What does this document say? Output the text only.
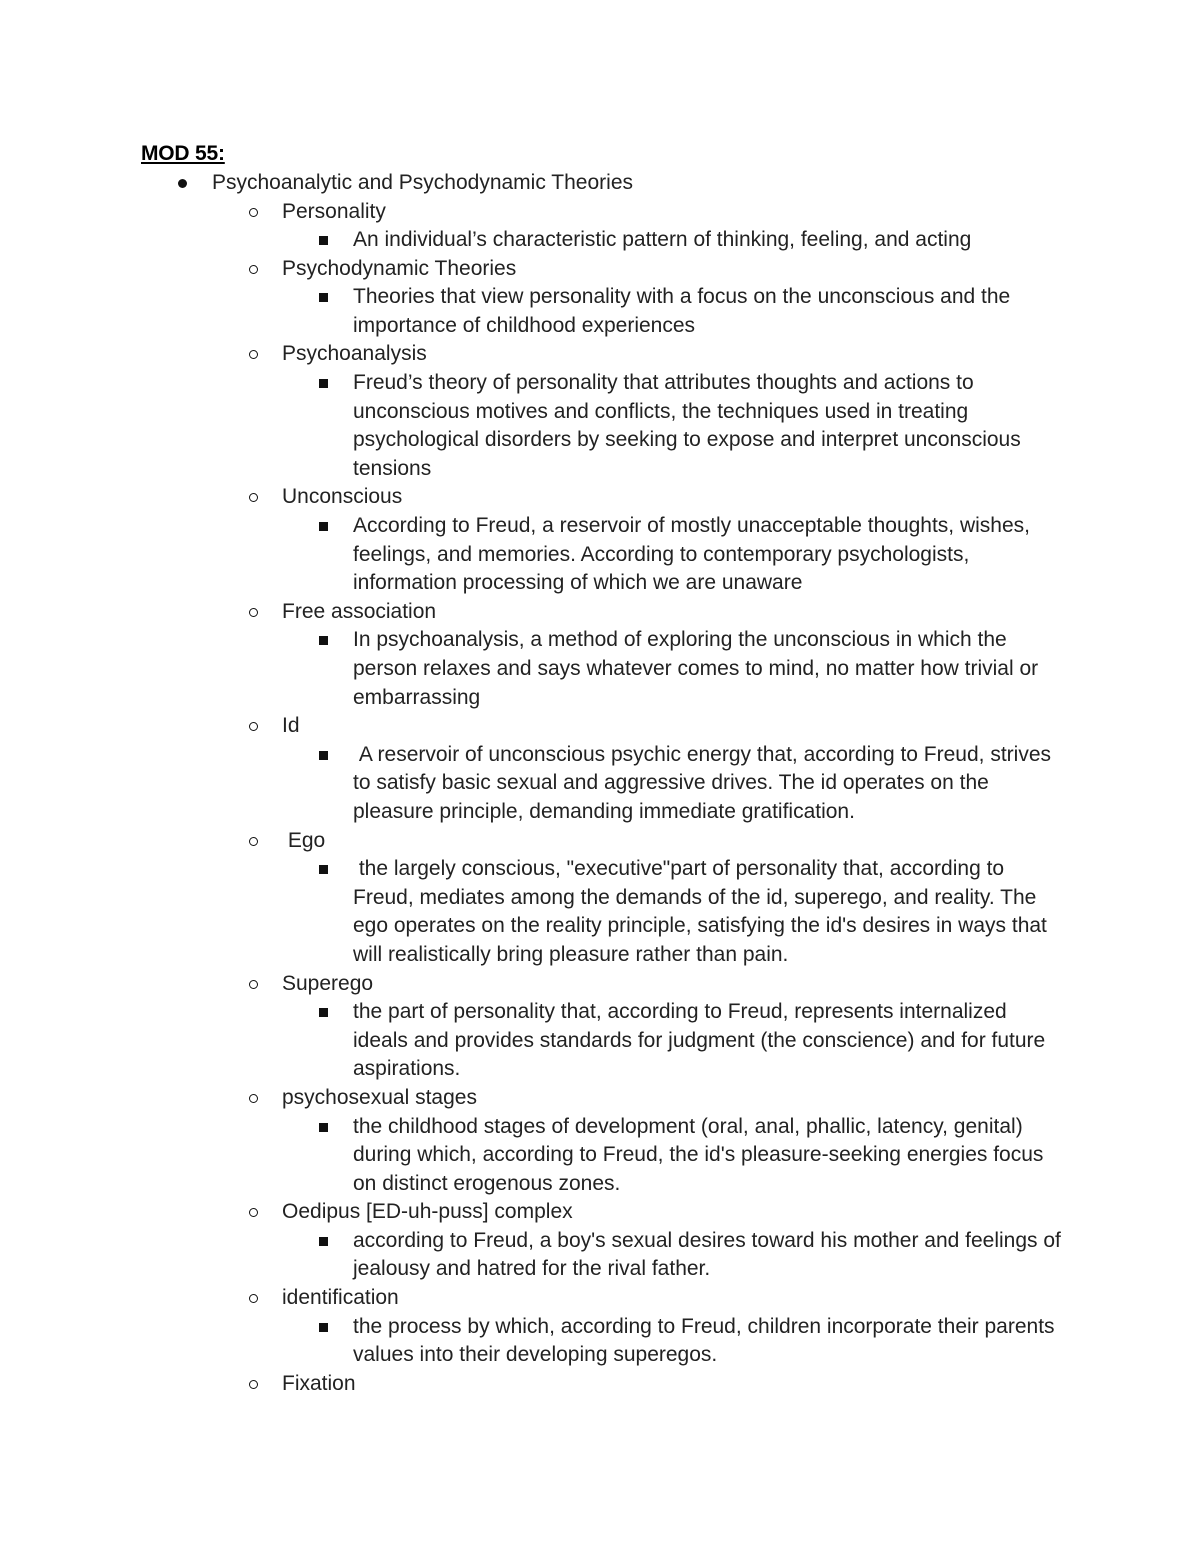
MOD 55:
Psychoanalytic and Psychodynamic Theories
Personality
An individual’s characteristic pattern of thinking, feeling, and acting
Psychodynamic Theories
Theories that view personality with a focus on the unconscious and the importance of childhood experiences
Psychoanalysis
Freud’s theory of personality that attributes thoughts and actions to unconscious motives and conflicts, the techniques used in treating psychological disorders by seeking to expose and interpret unconscious tensions
Unconscious
According to Freud, a reservoir of mostly unacceptable thoughts, wishes, feelings, and memories. According to contemporary psychologists, information processing of which we are unaware
Free association
In psychoanalysis, a method of exploring the unconscious in which the person relaxes and says whatever comes to mind, no matter how trivial or embarrassing
Id
A reservoir of unconscious psychic energy that, according to Freud, strives to satisfy basic sexual and aggressive drives. The id operates on the pleasure principle, demanding immediate gratification.
Ego
the largely conscious, "executive"part of personality that, according to Freud, mediates among the demands of the id, superego, and reality. The ego operates on the reality principle, satisfying the id's desires in ways that will realistically bring pleasure rather than pain.
Superego
the part of personality that, according to Freud, represents internalized ideals and provides standards for judgment (the conscience) and for future aspirations.
psychosexual stages
the childhood stages of development (oral, anal, phallic, latency, genital) during which, according to Freud, the id's pleasure-seeking energies focus on distinct erogenous zones.
Oedipus [ED-uh-puss] complex
according to Freud, a boy's sexual desires toward his mother and feelings of jealousy and hatred for the rival father.
identification
the process by which, according to Freud, children incorporate their parents values into their developing superegos.
Fixation
